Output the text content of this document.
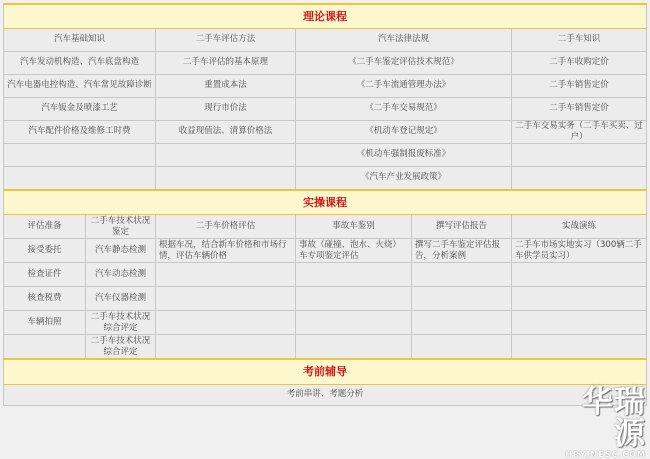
理论课程					
汽车基础知识		二手车评估方法	汽车法律法规		二手车知识
汽车发动机构造、汽车底盘构造		二手车评估的基本原理	《二手车鉴定评估技术规范》		二手车收购定价
汽车电器电控构造、汽车常见故障诊断		重置成本法	《二手车流通管理办法》		二手车销售定价
汽车钣金及喷漆工艺		现行市价法	《二手车交易规范》		二手车销售定价
汽车配件价格及维修工时费		收益现值法、清算价格法	《机动车登记规定》		二手车交易实务（二手车买卖、过户）
			《机动车强制报废标准》		
			《汽车产业发展政策》		
实操课程					
评估准备	二手车技术状况鉴定	二手车价格评估	事故车鉴别	撰写评估报告	实战演练
接受委托	汽车静态检测	根据车况，结合新车价格和市场行情，评估车辆价格	事故（碰撞、泡水、火烧）车专项鉴定评估	撰写二手车鉴定评估报告，分析案例	二手车市场实地实习（300辆二手车供学员实习）
检查证件	汽车动态检测				
核查税费	汽车仪器检测				
车辆拍照	二手车技术状况综合评定				
	二手车技术状况综合评定				
考前辅导					
考前串讲、考题分析						华瑞源
HRYJNESC.COM
